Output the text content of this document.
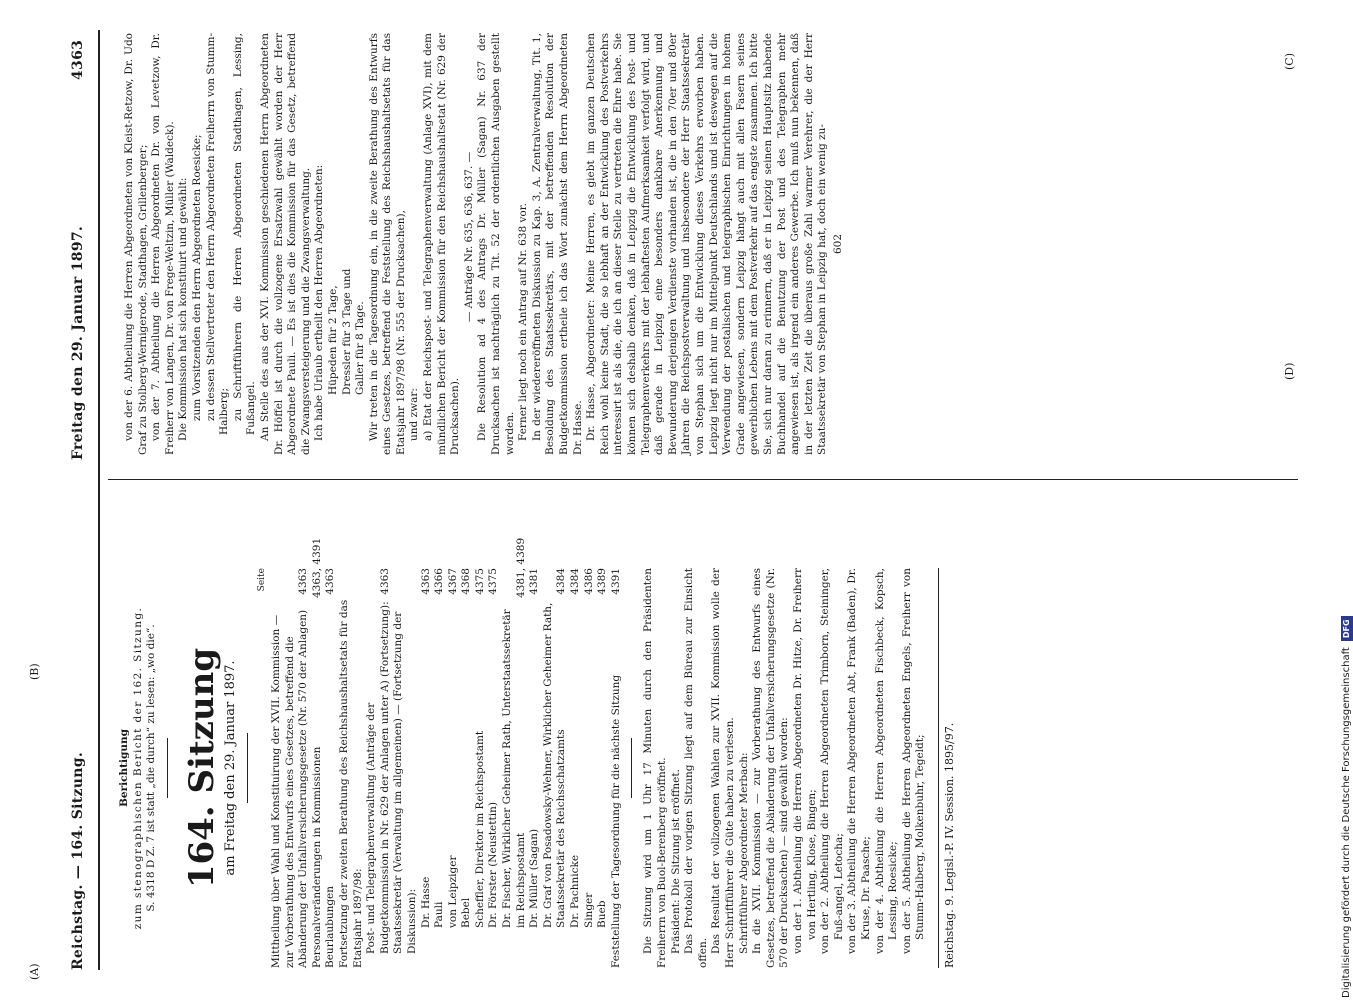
Reichstag. — 164. Sitzung.
Freitag den 29. Januar 1897.
4363
(A)
(B)
(C)
(D)
Berichtigung zum stenographischen Bericht der 162. Sitzung. S. 4318 D Z. 7 ist statt „die durch“ zu lesen: „wo die“. 164. Sitzung am Freitag den 29. Januar 1897.
Seite
Mittheilung über Wahl und Konstituirung der XVII. Kommission — zur Vorberathung des Entwurfs eines Gesetzes, betreffend die Abänderung der Unfallversicherungsgesetze (Nr. 570 der Anlagen)
4363
Personalveränderungen in Kommissionen
4363, 4391
Beurlaubungen
4363
Fortsetzung der zweiten Berathung des Reichshaushaltsetats für das Etatsjahr 1897/98: Post- und Telegraphenverwaltung (Anträge der Budgetkommission in Nr. 629 der Anlagen unter A) (Fortsetzung):
4363
Staatssekretär (Verwaltung im allgemeinen) — (Fortsetzung der Diskussion): Dr. Hasse
4363
Pauli
4366
von Leipziger
4367
Bebel
4368
Scheffler, Direktor im Reichspostamt
4375
Dr. Förster (Neustettin)
4375
Dr. Fischer, Wirklicher Geheimer Rath, Unterstaatssekretär im Reichspostamt
4381, 4389
Dr. Müller (Sagan)
4381
Dr. Graf von Posadowsky-Wehner, Wirklicher Geheimer Rath, Staatssekretär des Reichsschatzamts
4384
Dr. Pachnicke
4384
Singer
4386
Bueb
4389
Feststellung der Tagesordnung für die nächste Sitzung
4391 Die Sitzung wird um 1 Uhr 17 Minuten durch den Präsidenten Freiherrn von Buol-Berenberg eröffnet. Präsident: Die Sitzung ist eröffnet. Das Protokoll der vorigen Sitzung liegt auf dem Büreau zur Einsicht offen. Das Resultat der vollzogenen Wahlen zur XVII. Kommission wolle der Herr Schriftführer die Güte haben zu verlesen. Schriftführer Abgeordneter Merbach: In die XVII. Kommission — zur Vorberathung des Entwurfs eines Gesetzes, betreffend die Abänderung der Unfallversicherungsgesetze (Nr. 570 der Drucksachen) — sind gewählt worden: von der 1. Abtheilung die Herren Abgeordneten Dr. Hitze, Dr. Freiherr von Hertling, Klose, Bingen; von der 2. Abtheilung die Herren Abgeordneten Trimborn, Steininger, Fuß-angel, Letocha; von der 3. Abtheilung die Herren Abgeordneten Abt, Frank (Baden), Dr. Kruse, Dr. Paasche; von der 4. Abtheilung die Herren Abgeordneten Fischbeck, Kopsch, Lessing, Roesicke; von der 5. Abtheilung die Herren Abgeordneten Engels, Freiherr von Stumm-Halberg, Molkenbuhr, Tegeldt; Reichstag. 9. Legisl.-P. IV. Session. 1895/97.

von der 6. Abtheilung die Herren Abgeordneten von Kleist-Retzow, Dr. Udo Graf zu Stolberg-Wernigerode, Stadthagen, Grillenberger; von der 7. Abtheilung die Herren Abgeordneten Dr. von Levetzow, Dr. Freiherr von Langen, Dr. von Frege-Weltzin, Müller (Waldeck). Die Kommission hat sich konstituirt und gewählt: zum Vorsitzenden den Herrn Abgeordneten Roesicke; zu dessen Stellvertreter den Herrn Abgeordneten Freiherrn von Stumm-Halberg; zu Schriftführern die Herren Abgeordneten Stadthagen, Lessing, Fußangel. An Stelle des aus der XVI. Kommission geschiedenen Herrn Abgeordneten Dr. Höffel ist durch die vollzogene Ersatzwahl gewählt worden der Herr Abgeordnete Pauli. — Es ist dies die Kommission für das Gesetz, betreffend die Zwangsversteigerung und die Zwangsverwaltung. Ich habe Urlaub ertheilt den Herren Abgeordneten: Hüpeden für 2 Tage, Dressler für 3 Tage und Galler für 8 Tage. Wir treten in die Tagesordnung ein, in die zweite Berathung des Entwurfs eines Gesetzes, betreffend die Feststellung des Reichshaushaltsetats für das Etatsjahr 1897/98 (Nr. 555 der Drucksachen), und zwar: a) Etat der Reichspost- und Telegraphenverwaltung (Anlage XVI), mit dem mündlichen Bericht der Kommission für den Reichshaushaltsetat (Nr. 629 der Drucksachen).

— Anträge Nr. 635, 636, 637. — Die Resolution ad 4 des Antrags Dr. Müller (Sagan) Nr. 637 der Drucksachen ist nachträglich zu Tit. 52 der ordentlichen Ausgaben gestellt worden. Ferner liegt noch ein Antrag auf Nr. 638 vor. In der wiedereröffneten Diskussion zu Kap. 3, A. Zentralverwaltung, Tit. 1, Besoldung des Staatssekretärs, mit der betreffenden Resolution der Budgetkommission ertheile ich das Wort zunächst dem Herrn Abgeordneten Dr. Hasse. Dr. Hasse, Abgeordneter: Meine Herren, es giebt im ganzen Deutschen Reich wohl keine Stadt, die so lebhaft an der Entwicklung des Postverkehrs interessirt ist als die, die ich an dieser Stelle zu vertreten die Ehre habe. Sie können sich deshalb denken, daß in Leipzig die Entwicklung des Post- und Telegraphenverkehrs mit der lebhaftesten Aufmerksamkeit verfolgt wird, und daß gerade in Leipzig eine besonders dankbare Anerkennung und Bewunderung derjenigen Verdienste vorhanden ist, die in den 70er und 80er Jahren die Reichspostverwaltung und insbesondere der Herr Staatssekretär von Stephan sich um die Entwicklung dieses Verkehrs erworben haben. Leipzig liegt nicht nur im Mittelpunkt Deutschlands und ist deswegen auf die Verwendung der postalischen und telegraphischen Einrichtungen in hohem Grade angewiesen, sondern Leipzig hängt auch mit allen Fasern seines gewerblichen Lebens mit dem Postverkehr auf das engste zusammen. Ich bitte Sie, sich nur daran zu erinnern, daß er in Leipzig seinen Hauptsitz habende Buchhandel auf die Benutzung der Post und des Telegraphen mehr angewiesen ist, als irgend ein anderes Gewerbe. Ich muß nun bekennen, daß in der letzten Zeit die überaus große Zahl warmer Verehrer, die der Herr Staatssekretär von Stephan in Leipzig hat, doch ein wenig zu- 602
Digitalisierung gefördert durch die Deutsche Forschungsgemeinschaft
DFG
